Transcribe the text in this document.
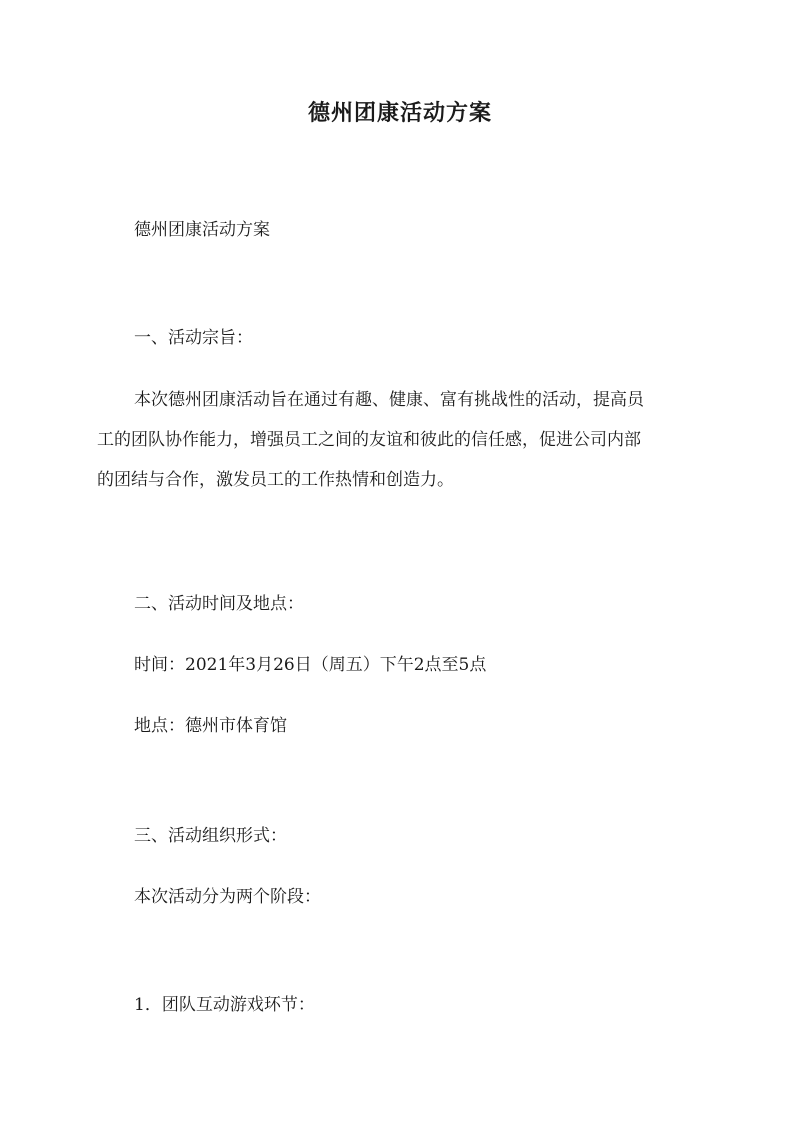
德州团康活动方案
德州团康活动方案
一、活动宗旨：
本次德州团康活动旨在通过有趣、健康、富有挑战性的活动，提高员
工的团队协作能力，增强员工之间的友谊和彼此的信任感，促进公司内部
的团结与合作，激发员工的工作热情和创造力。
二、活动时间及地点：
时间：2021年3月26日（周五）下午2点至5点
地点：德州市体育馆
三、活动组织形式：
本次活动分为两个阶段：
1．团队互动游戏环节：
